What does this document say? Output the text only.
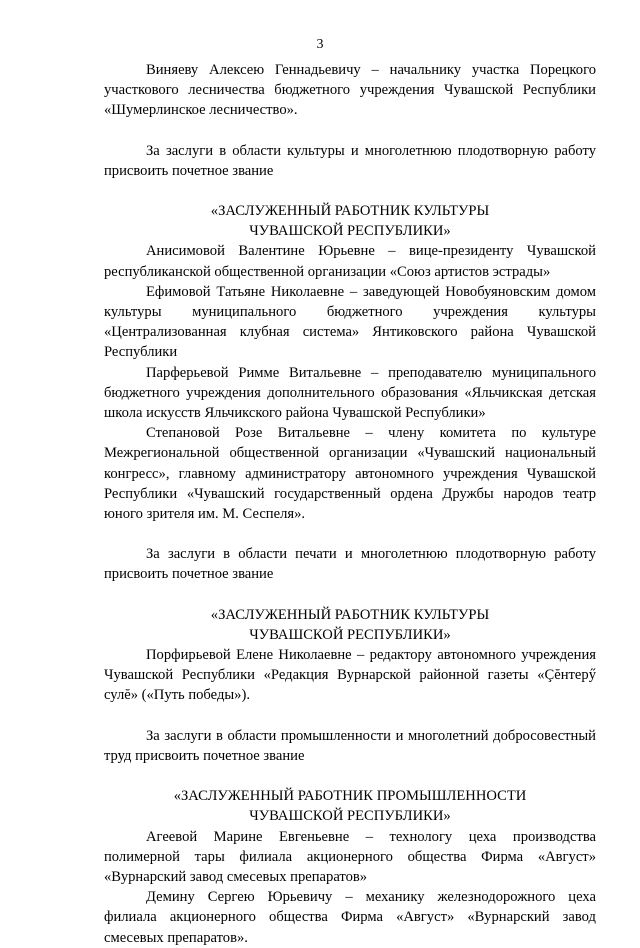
3

Виняеву Алексею Геннадьевичу – начальнику участка Порецкого участкового лесничества бюджетного учреждения Чувашской Республики «Шумерлинское лесничество».

За заслуги в области культуры и многолетнюю плодотворную работу присвоить почетное звание

«ЗАСЛУЖЕННЫЙ РАБОТНИК КУЛЬТУРЫ
ЧУВАШСКОЙ РЕСПУБЛИКИ»

Анисимовой Валентине Юрьевне – вице-президенту Чувашской республиканской общественной организации «Союз артистов эстрады»

Ефимовой Татьяне Николаевне – заведующей Новобуяновским домом культуры муниципального бюджетного учреждения культуры «Централизованная клубная система» Янтиковского района Чувашской Республики

Парферьевой Римме Витальевне – преподавателю муниципального бюджетного учреждения дополнительного образования «Яльчикская детская школа искусств Яльчикского района Чувашской Республики»

Степановой Розе Витальевне – члену комитета по культуре Межрегиональной общественной организации «Чувашский национальный конгресс», главному администратору автономного учреждения Чувашской Республики «Чувашский государственный ордена Дружбы народов театр юного зрителя им. М. Сеспеля».

За заслуги в области печати и многолетнюю плодотворную работу присвоить почетное звание

«ЗАСЛУЖЕННЫЙ РАБОТНИК КУЛЬТУРЫ
ЧУВАШСКОЙ РЕСПУБЛИКИ»

Порфирьевой Елене Николаевне – редактору автономного учреждения Чувашской Республики «Редакция Вурнарской районной газеты «Çĕнтерӳ сулĕ» («Путь победы»).

За заслуги в области промышленности и многолетний добросовестный труд присвоить почетное звание

«ЗАСЛУЖЕННЫЙ РАБОТНИК ПРОМЫШЛЕННОСТИ
ЧУВАШСКОЙ РЕСПУБЛИКИ»

Агеевой Марине Евгеньевне – технологу цеха производства полимерной тары филиала акционерного общества Фирма «Август» «Вурнарский завод смесевых препаратов»

Демину Сергею Юрьевичу – механику железнодорожного цеха филиала акционерного общества Фирма «Август» «Вурнарский завод смесевых препаратов».
